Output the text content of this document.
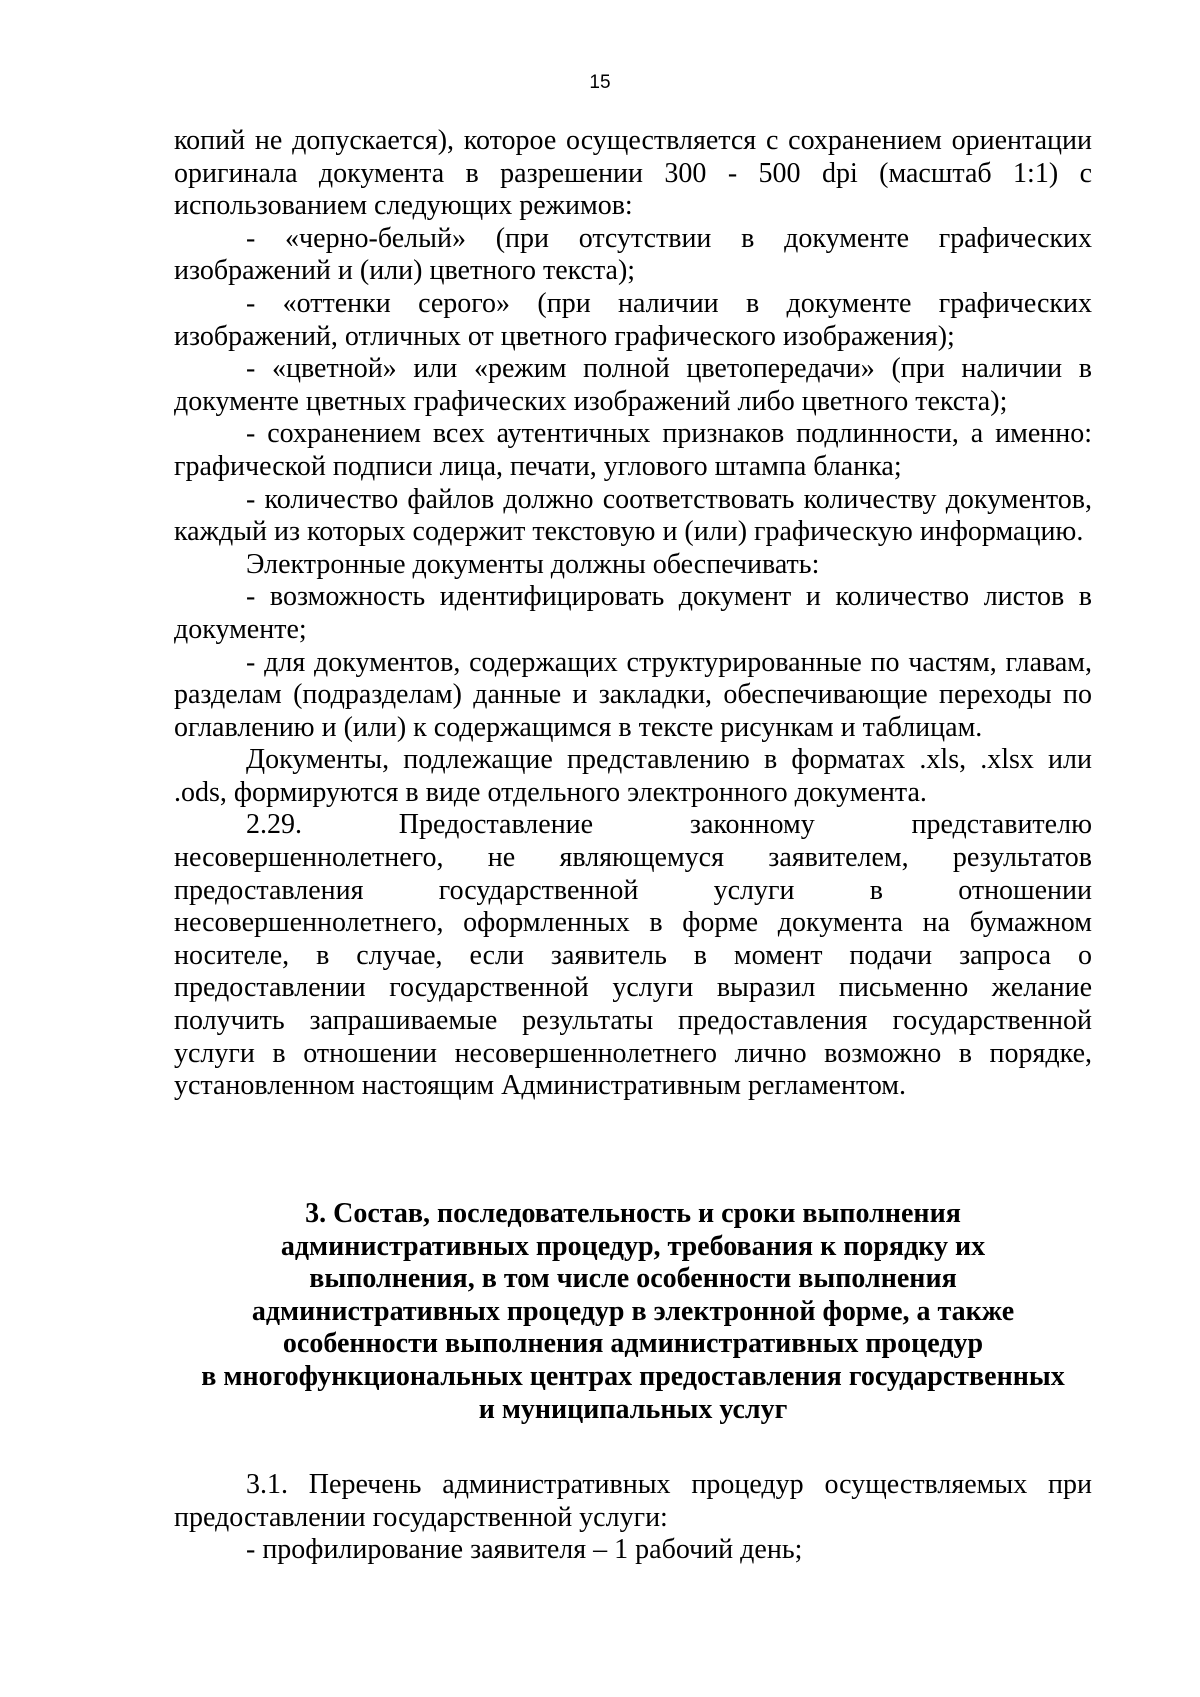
15

копий не допускается), которое осуществляется с сохранением ориентации оригинала документа в разрешении 300 - 500 dpi (масштаб 1:1) с использованием следующих режимов:

- «черно-белый» (при отсутствии в документе графических изображений и (или) цветного текста);

- «оттенки серого» (при наличии в документе графических изображений, отличных от цветного графического изображения);

- «цветной» или «режим полной цветопередачи» (при наличии в документе цветных графических изображений либо цветного текста);

- сохранением всех аутентичных признаков подлинности, а именно: графической подписи лица, печати, углового штампа бланка;

- количество файлов должно соответствовать количеству документов, каждый из которых содержит текстовую и (или) графическую информацию.

Электронные документы должны обеспечивать:

- возможность идентифицировать документ и количество листов в документе;

- для документов, содержащих структурированные по частям, главам, разделам (подразделам) данные и закладки, обеспечивающие переходы по оглавлению и (или) к содержащимся в тексте рисункам и таблицам.

Документы, подлежащие представлению в форматах .xls, .xlsx или .ods, формируются в виде отдельного электронного документа.

2.29. Предоставление законному представителю несовершеннолетнего, не являющемуся заявителем, результатов предоставления государственной услуги в отношении несовершеннолетнего, оформленных в форме документа на бумажном носителе, в случае, если заявитель в момент подачи запроса о предоставлении государственной услуги выразил письменно желание получить запрашиваемые результаты предоставления государственной услуги в отношении несовершеннолетнего лично возможно в порядке, установленном настоящим Административным регламентом.

3. Состав, последовательность и сроки выполнения
административных процедур, требования к порядку их
выполнения, в том числе особенности выполнения
административных процедур в электронной форме, а также
особенности выполнения административных процедур
в многофункциональных центрах предоставления государственных
и муниципальных услуг

3.1. Перечень административных процедур осуществляемых при предоставлении государственной услуги:

- профилирование заявителя – 1 рабочий день;
